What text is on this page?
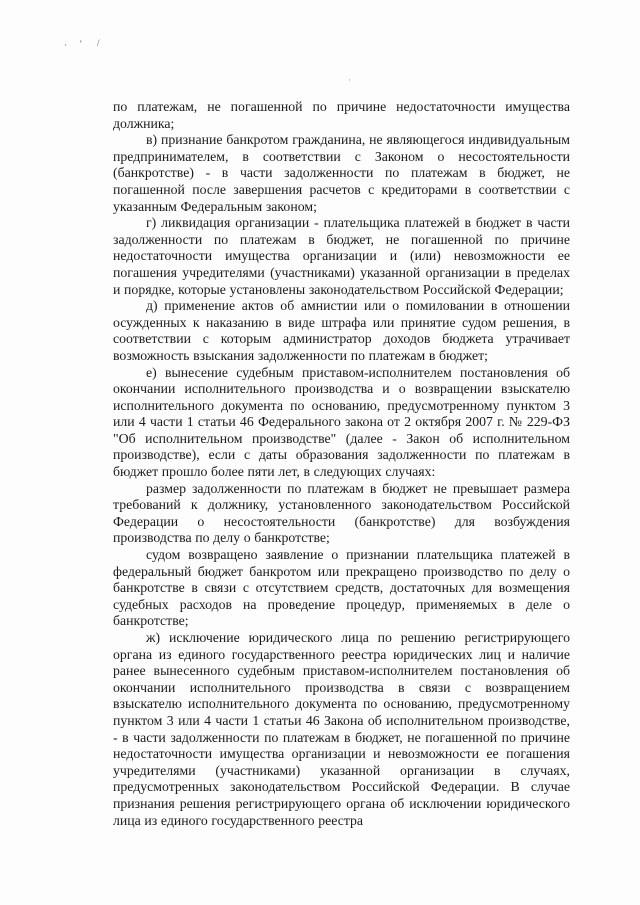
· ' /
·

по платежам, не погашенной по причине недостаточности имущества должника;

в) признание банкротом гражданина, не являющегося индивидуальным предпринимателем, в соответствии с Законом о несостоятельности (банкротстве) - в части задолженности по платежам в бюджет, не погашенной после завершения расчетов с кредиторами в соответствии с указанным Федеральным законом;

г) ликвидация организации - плательщика платежей в бюджет в части задолженности по платежам в бюджет, не погашенной по причине недостаточности имущества организации и (или) невозможности ее погашения учредителями (участниками) указанной организации в пределах и порядке, которые установлены законодательством Российской Федерации;

д) применение актов об амнистии или о помиловании в отношении осужденных к наказанию в виде штрафа или принятие судом решения, в соответствии с которым администратор доходов бюджета утрачивает возможность взыскания задолженности по платежам в бюджет;

е) вынесение судебным приставом-исполнителем постановления об окончании исполнительного производства и о возвращении взыскателю исполнительного документа по основанию, предусмотренному пунктом 3 или 4 части 1 статьи 46 Федерального закона от 2 октября 2007 г. № 229-ФЗ "Об исполнительном производстве" (далее - Закон об исполнительном производстве), если с даты образования задолженности по платежам в бюджет прошло более пяти лет, в следующих случаях:

размер задолженности по платежам в бюджет не превышает размера требований к должнику, установленного законодательством Российской Федерации о несостоятельности (банкротстве) для возбуждения производства по делу о банкротстве;

судом возвращено заявление о признании плательщика платежей в федеральный бюджет банкротом или прекращено производство по делу о банкротстве в связи с отсутствием средств, достаточных для возмещения судебных расходов на проведение процедур, применяемых в деле о банкротстве;

ж) исключение юридического лица по решению регистрирующего органа из единого государственного реестра юридических лиц и наличие ранее вынесенного судебным приставом-исполнителем постановления об окончании исполнительного производства в связи с возвращением взыскателю исполнительного документа по основанию, предусмотренному пунктом 3 или 4 части 1 статьи 46 Закона об исполнительном производстве, - в части задолженности по платежам в бюджет, не погашенной по причине недостаточности имущества организации и невозможности ее погашения учредителями (участниками) указанной организации в случаях, предусмотренных законодательством Российской Федерации. В случае признания решения регистрирующего органа об исключении юридического лица из единого государственного реестра
